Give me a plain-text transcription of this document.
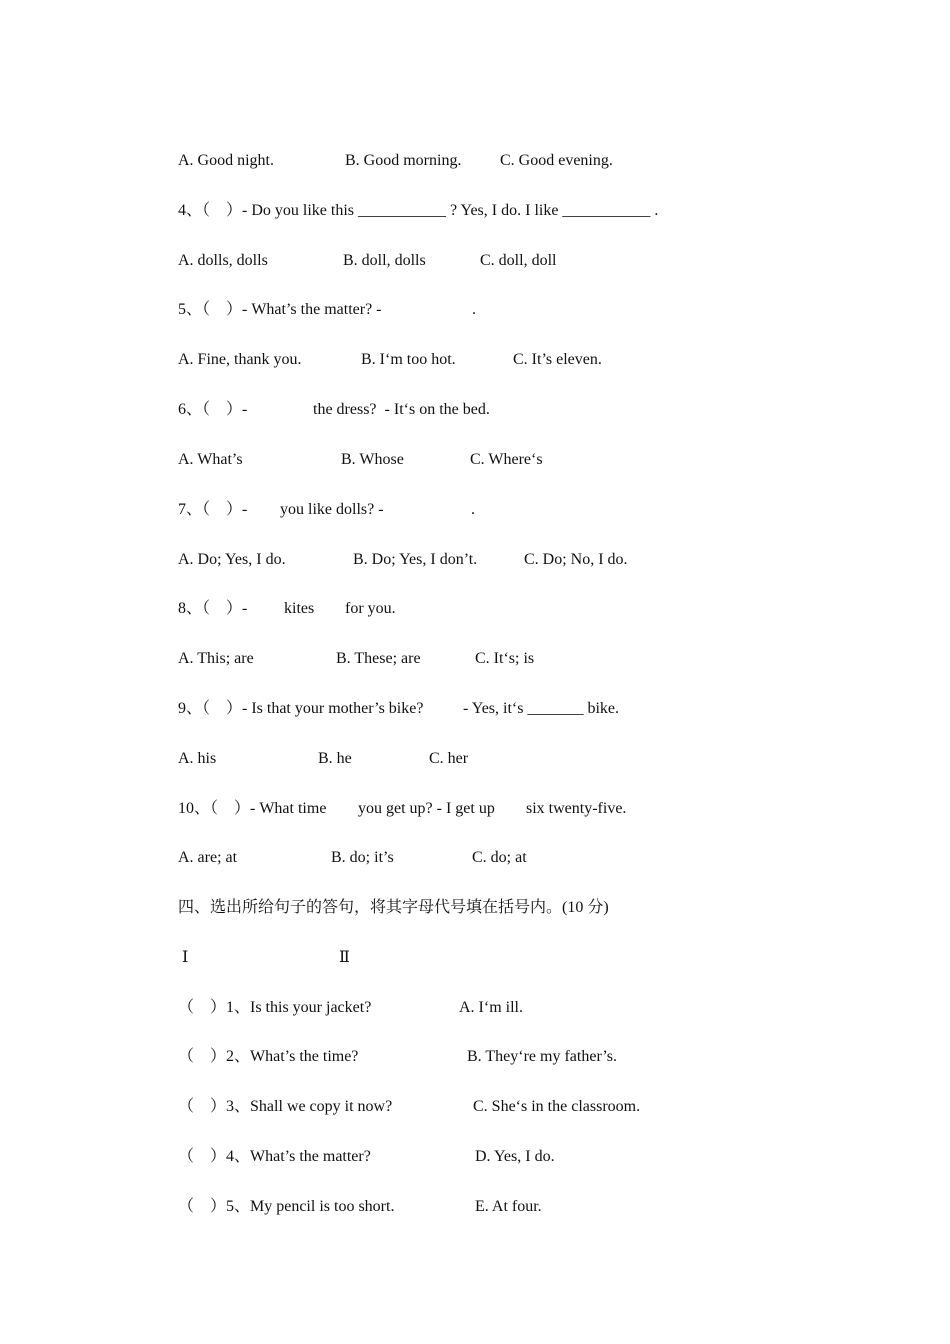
A. Good night.	B. Good morning. C. Good evening.
4、（　）- Do you like this ___________ ? Yes, I do. I like ___________ .
A. dolls, dolls	B. doll, dolls	C. doll, doll
5、（　）- What’s the matter? -	.
A. Fine, thank you.	B. I‘m too hot.	C. It’s eleven.
6、（　）-	the dress?  - It‘s on the bed.
A. What’s	B. Whose	C. Where‘s
7、（　）- you like dolls? -	.
A. Do; Yes, I do.	B. Do; Yes, I don’t.	C. Do; No, I do.
8、（　）- kites for you.
A. This; are	B. These; are	C. It‘s; is
9、（　）- Is that your mother’s bike? - Yes, it‘s _______ bike.
A. his	B. he	C. her
10、（　）- What time you get up? - I get up six twenty-five.
A. are; at	B. do; it’s	C. do; at
四、选出所给句子的答句，将其字母代号填在括号内。(10 分)
Ⅰ	Ⅱ
（　）1、Is this your jacket?	A. I‘m ill.
（　）2、What’s the time?	B. They‘re my father’s.
（　）3、Shall we copy it now?	C. She‘s in the classroom.
（　）4、What’s the matter?	D. Yes, I do.
（　）5、My pencil is too short.	E. At four.
